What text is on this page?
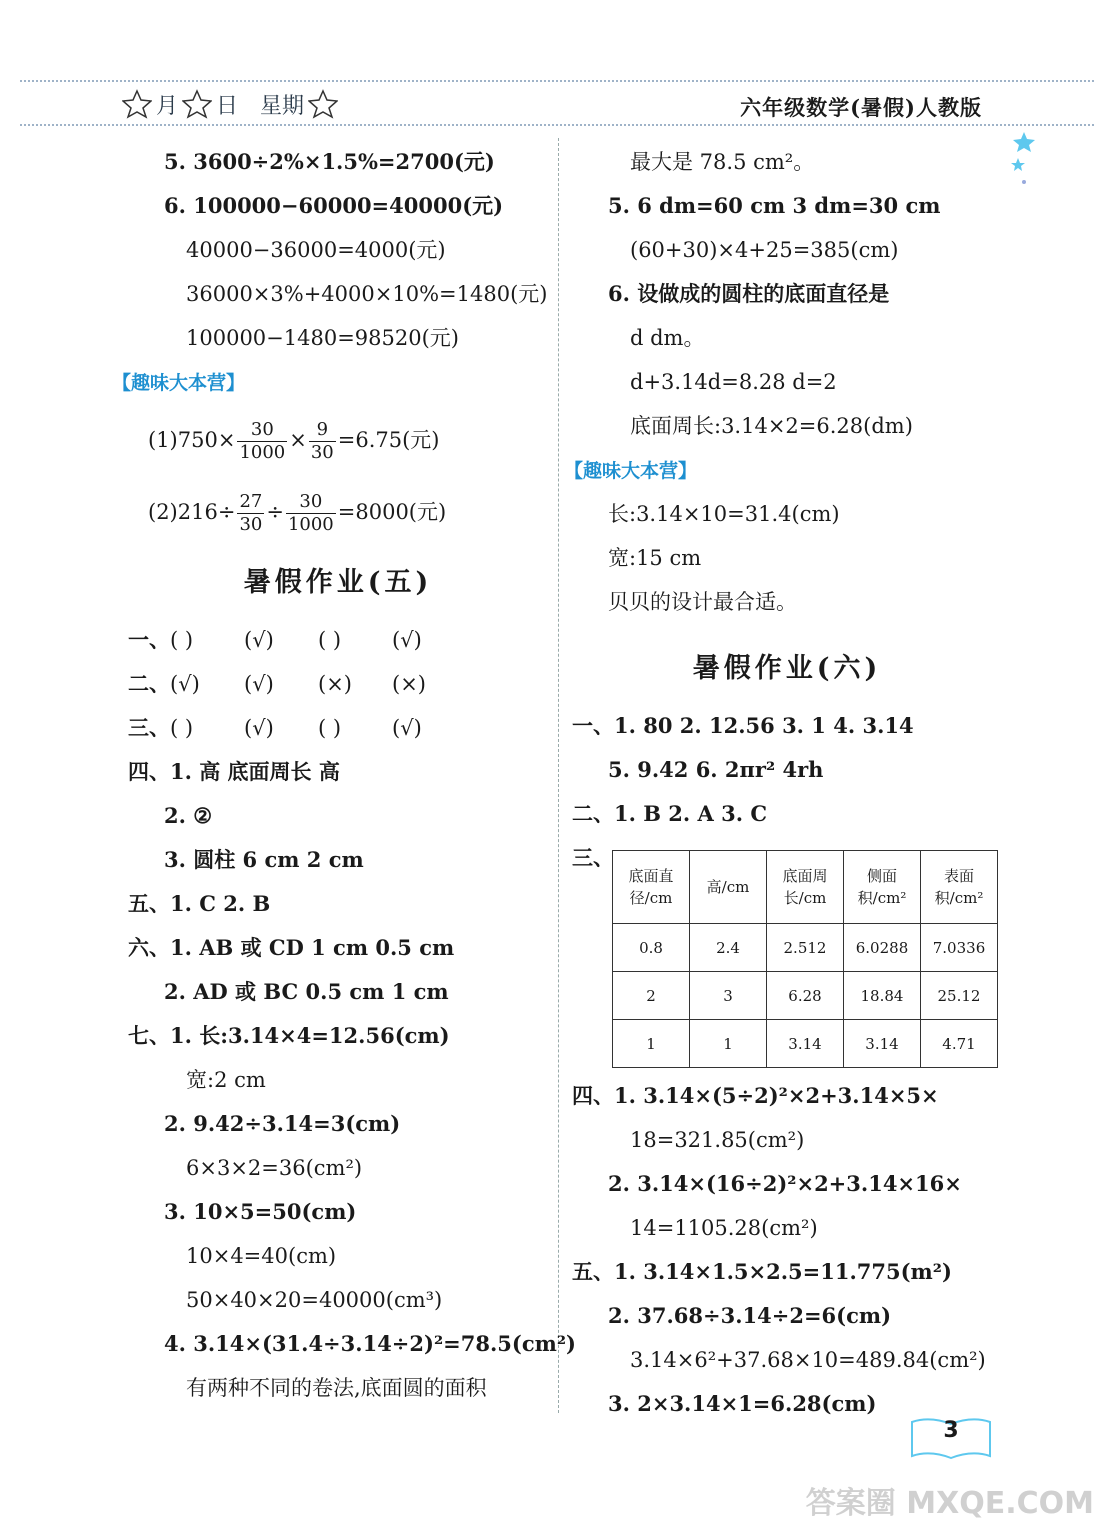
月 日 星期	六年级数学(暑假)人教版
5. 3600÷2%×1.5%=2700(元)
6. 100000−60000=40000(元)
40000−36000=4000(元)
36000×3%+4000×10%=1480(元)
100000−1480=98520(元)
【趣味大本营】
$(1)750\times \frac{30}{1000} \times \frac{9}{30} =6.75$(元)
$(2)216\div \frac{27}{30} \div \frac{30}{1000} =8000$(元)
暑假作业(五)
一、( ) (√) ( ) (√)
二、(√) (√) (×) (×)
三、( ) (√) ( ) (√)
四、1. 高 底面周长 高
2. ②
3. 圆柱 6 cm 2 cm
五、1. C 2. B
六、1. AB 或 CD 1 cm 0.5 cm
2. AD 或 BC 0.5 cm 1 cm
七、1. 长:3.14×4=12.56(cm)
宽:2 cm
2. 9.42÷3.14=3(cm)
6×3×2=36(cm²)
3. 10×5=50(cm)
10×4=40(cm)
50×40×20=40000(cm³)
4. 3.14×(31.4÷3.14÷2)²=78.5(cm²)
有两种不同的卷法,底面圆的面积
最大是 78.5 cm²。
5. 6 dm=60 cm 3 dm=30 cm
(60+30)×4+25=385(cm)
6. 设做成的圆柱的底面直径是
d dm。
d+3.14d=8.28 d=2
底面周长:3.14×2=6.28(dm)
【趣味大本营】
长:3.14×10=31.4(cm)
宽:15 cm
贝贝的设计最合适。
暑假作业(六)
一、1. 80 2. 12.56 3. 1 4. 3.14
5. 9.42 6. 2πr² 4rh
二、1. B 2. A 3. C
三、
底面直径/cm	高/cm	底面周长/cm	侧面积/cm²	表面积/cm²
0.8	2.4	2.512	6.0288	7.0336
2	3	6.28	18.84	25.12
1	1	3.14	3.14	4.71
四、1. 3.14×(5÷2)²×2+3.14×5×
18=321.85(cm²)
2. 3.14×(16÷2)²×2+3.14×16×
14=1105.28(cm²)
五、1. 3.14×1.5×2.5=11.775(m²)
2. 37.68÷3.14÷2=6(cm)
3.14×6²+37.68×10=489.84(cm²)
3. 2×3.14×1=6.28(cm)
3
答案圈 MXQE.COM
